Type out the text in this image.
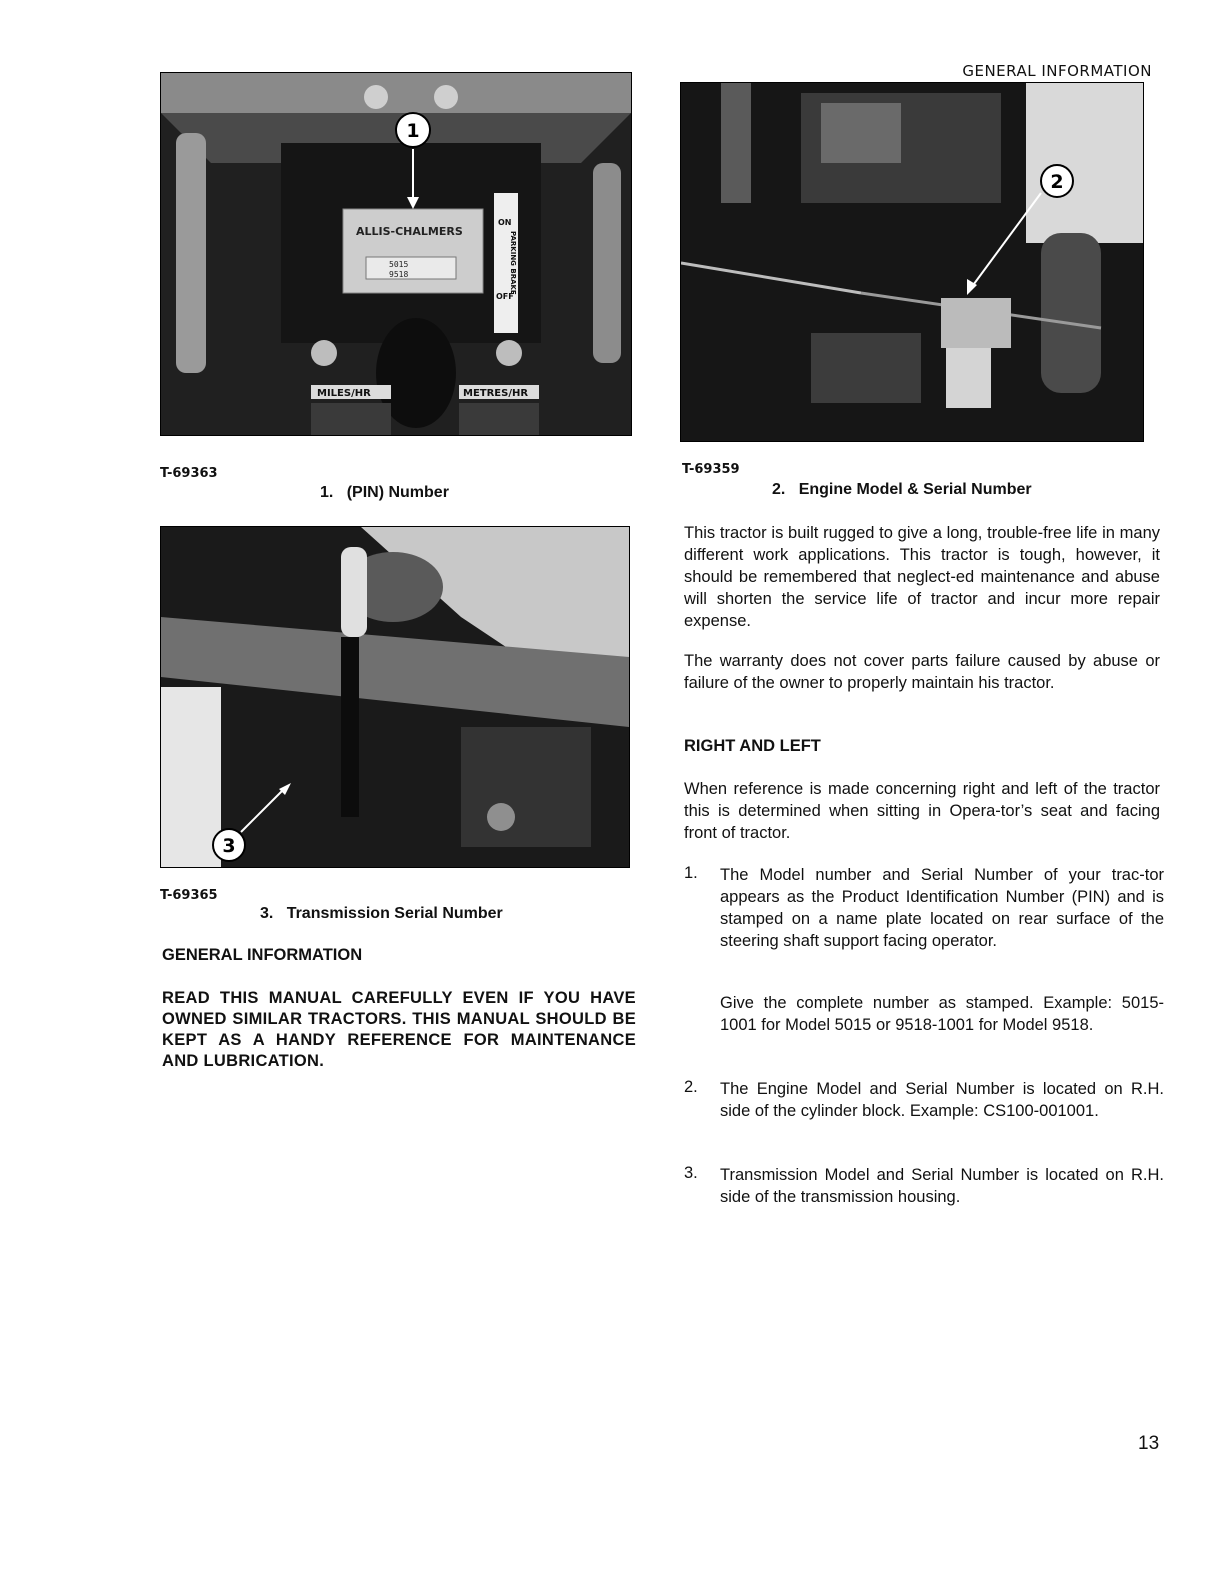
GENERAL INFORMATION
ALLIS-CHALMERS
5015
9518
ON
OFF
PARKING BRAKE
MILES/HR	METRES/HR
1
T-69363
1. (PIN) Number
2
T-69359
2. Engine Model & Serial Number
3
T-69365
3. Transmission Serial Number
GENERAL INFORMATION
READ THIS MANUAL CAREFULLY EVEN IF YOU HAVE OWNED SIMILAR TRACTORS. THIS MANUAL SHOULD BE KEPT AS A HANDY REFERENCE FOR MAINTENANCE AND LUBRICATION.
This tractor is built rugged to give a long, trouble-free life in many different work applications. This tractor is tough, however, it should be remembered that neglect-ed maintenance and abuse will shorten the service life of tractor and incur more repair expense.
The warranty does not cover parts failure caused by abuse or failure of the owner to properly maintain his tractor.
RIGHT AND LEFT
When reference is made concerning right and left of the tractor this is determined when sitting in Opera-tor’s seat and facing front of tractor.
1. The Model number and Serial Number of your trac-tor appears as the Product Identification Number (PIN) and is stamped on a name plate located on rear surface of the steering shaft support facing operator.
Give the complete number as stamped. Example: 5015-1001 for Model 5015 or 9518-1001 for Model 9518.
2. The Engine Model and Serial Number is located on R.H. side of the cylinder block. Example: CS100-001001.
3. Transmission Model and Serial Number is located on R.H. side of the transmission housing.
13
